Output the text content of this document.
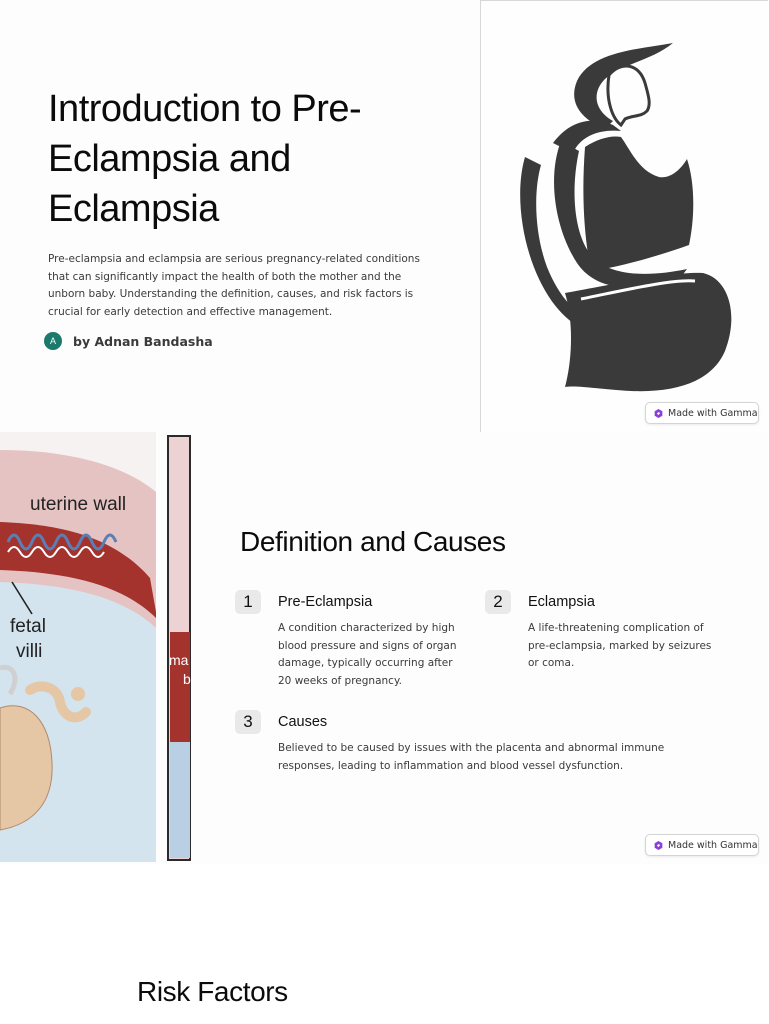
Introduction to Pre-Eclampsia and Eclampsia

Pre-eclampsia and eclampsia are serious pregnancy-related conditions that can significantly impact the health of both the mother and the unborn baby. Understanding the definition, causes, and risk factors is crucial for early detection and effective management.

A	by Adnan Bandasha
Made with Gamma
uterine wall
fetal
villi	ma
b
Definition and Causes
1	Pre-Eclampsia

A condition characterized by high blood pressure and signs of organ damage, typically occurring after 20 weeks of pregnancy.

2	Eclampsia

A life-threatening complication of pre-eclampsia, marked by seizures or coma.

3	Causes

Believed to be caused by issues with the placenta and abnormal immune responses, leading to inflammation and blood vessel dysfunction.

Made with Gamma
Risk Factors
